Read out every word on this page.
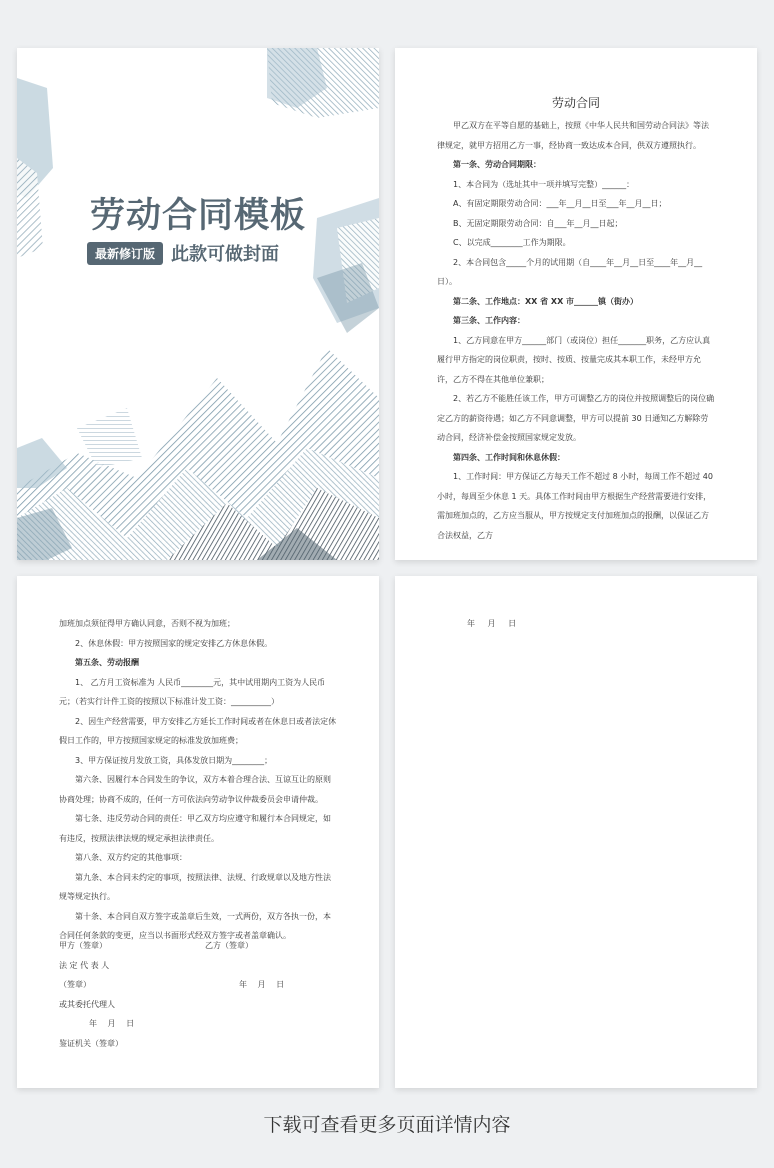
劳动合同模板
最新修订版 此款可做封面
劳动合同

甲乙双方在平等自愿的基础上，按照《中华人民共和国劳动合同法》等法律规定，就甲方招用乙方一事，经协商一致达成本合同，供双方遵照执行。

第一条、劳动合同期限：

1、本合同为（选址其中一项并填写完整）______：

A、有固定期限劳动合同：___年__月__日至___年__月__日；

B、无固定期限劳动合同：自___年__月__日起；

C、以完成________工作为期限。

2、本合同包含_____个月的试用期（自____年__月__日至____年__月__日）。

第二条、工作地点：XX 省 XX 市______镇（街办）

第三条、工作内容：

1、乙方同意在甲方______部门（或岗位）担任_______职务，乙方应认真履行甲方指定的岗位职责，按时、按质、按量完成其本职工作，未经甲方允许，乙方不得在其他单位兼职；

2、若乙方不能胜任该工作，甲方可调整乙方的岗位并按照调整后的岗位确定乙方的薪资待遇；如乙方不同意调整，甲方可以提前 30 日通知乙方解除劳动合同，经济补偿金按照国家规定发放。

第四条、工作时间和休息休假：

1、工作时间：甲方保证乙方每天工作不超过 8 小时，每周工作不超过 40 小时，每周至少休息 1 天。具体工作时间由甲方根据生产经营需要进行安排，需加班加点的，乙方应当服从，甲方按规定支付加班加点的报酬，以保证乙方合法权益，乙方

加班加点须征得甲方确认同意，否则不视为加班；

2、休息休假：甲方按照国家的规定安排乙方休息休假。

第五条、劳动报酬

1、 乙方月工资标准为 人民币________元，其中试用期内工资为人民币元；（若实行计件工资的按照以下标准计发工资：__________）

2、因生产经营需要，甲方安排乙方延长工作时间或者在休息日或者法定休假日工作的，甲方按照国家规定的标准发放加班费；

3、甲方保证按月发放工资，具体发放日期为________；

第六条、因履行本合同发生的争议，双方本着合理合法、互谅互让的原则协商处理；协商不成的，任何一方可依法向劳动争议仲裁委员会申请仲裁。

第七条、违反劳动合同的责任：甲乙双方均应遵守和履行本合同规定，如有违反，按照法律法规的规定承担法律责任。

第八条、双方约定的其他事项：

第九条、本合同未约定的事项，按照法律、法规、行政规章以及地方性法规等规定执行。

第十条、本合同自双方签字或盖章后生效，一式两份，双方各执一份，本合同任何条款的变更，应当以书面形式经双方签字或者盖章确认。

甲方（签章）	乙方（签章）

法 定 代 表 人

（签章）	年 月 日

或其委托代理人

年 月 日

鉴证机关（签章）

年 月 日
下载可查看更多页面详情内容
